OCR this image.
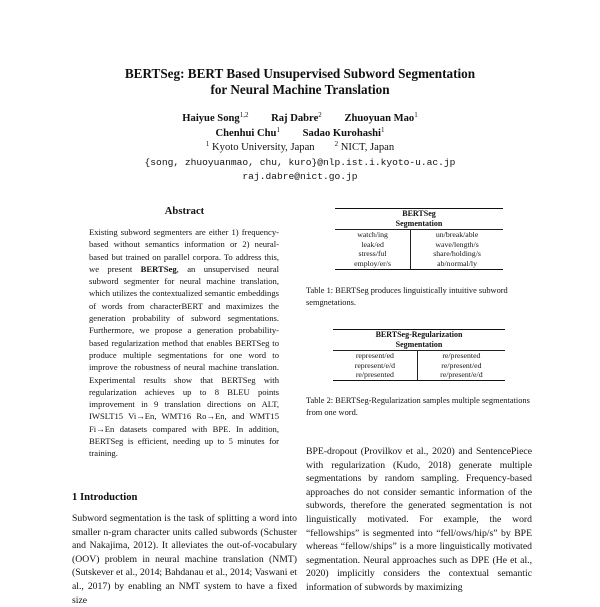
BERTSeg: BERT Based Unsupervised Subword Segmentation
for Neural Machine Translation
Haiyue Song$^{1,2}$ Raj Dabre$^2$ Zhuoyuan Mao$^1$
Chenhui Chu$^1$ Sadao Kurohashi$^1$
$^1$ Kyoto University, Japan	$^2$ NICT, Japan
{song, zhuoyuanmao, chu, kuro}@nlp.ist.i.kyoto-u.ac.jp
raj.dabre@nict.go.jp
Abstract

Existing subword segmenters are either 1) frequency-based without semantics information or 2) neural-based but trained on parallel corpora. To address this, we present BERTSeg, an unsupervised neural subword segmenter for neural machine translation, which utilizes the contextualized semantic embeddings of words from characterBERT and maximizes the generation probability of subword segmentations. Furthermore, we propose a generation probability-based regularization method that enables BERTSeg to produce multiple segmentations for one word to improve the robustness of neural machine translation. Experimental results show that BERTSeg with regularization achieves up to 8 BLEU points improvement in 9 translation directions on ALT, IWSLT15 Vi→En, WMT16 Ro→En, and WMT15 Fi→En datasets compared with BPE. In addition, BERTSeg is efficient, needing up to 5 minutes for training.

1 Introduction

Subword segmentation is the task of splitting a word into smaller n-gram character units called subwords (Schuster and Nakajima, 2012). It alleviates the out-of-vocabulary (OOV) problem in neural machine translation (NMT) (Sutskever et al., 2014; Bahdanau et al., 2014; Vaswani et al., 2017) by enabling an NMT system to have a fixed size

BERTSeg	
Segmentation	
watch/ing	un/break/able
leak/ed	wave/length/s
stress/ful	share/holding/s
employ/er/s	ab/normal/ly

Table 1: BERTSeg produces linguistically intuitive subword semgnetations.

BERTSeg-Regularization	
Segmentation	
represent/ed	re/presented
represent/e/d	re/present/ed
re/presented	re/present/e/d

Table 2: BERTSeg-Regularization samples multiple segmentations from one word.

BPE-dropout (Provilkov et al., 2020) and SentencePiece with regularization (Kudo, 2018) generate multiple segmentations by random sampling. Frequency-based approaches do not consider semantic information of the subwords, therefore the generated segmentation is not linguistically motivated. For example, the word “fellowships” is segmented into “fell/ows/hip/s” by BPE whereas “fellow/ships” is a more linguistically motivated segmentation. Neural approaches such as DPE (He et al., 2020) implicitly considers the contextual semantic information of subwords by maximizing
